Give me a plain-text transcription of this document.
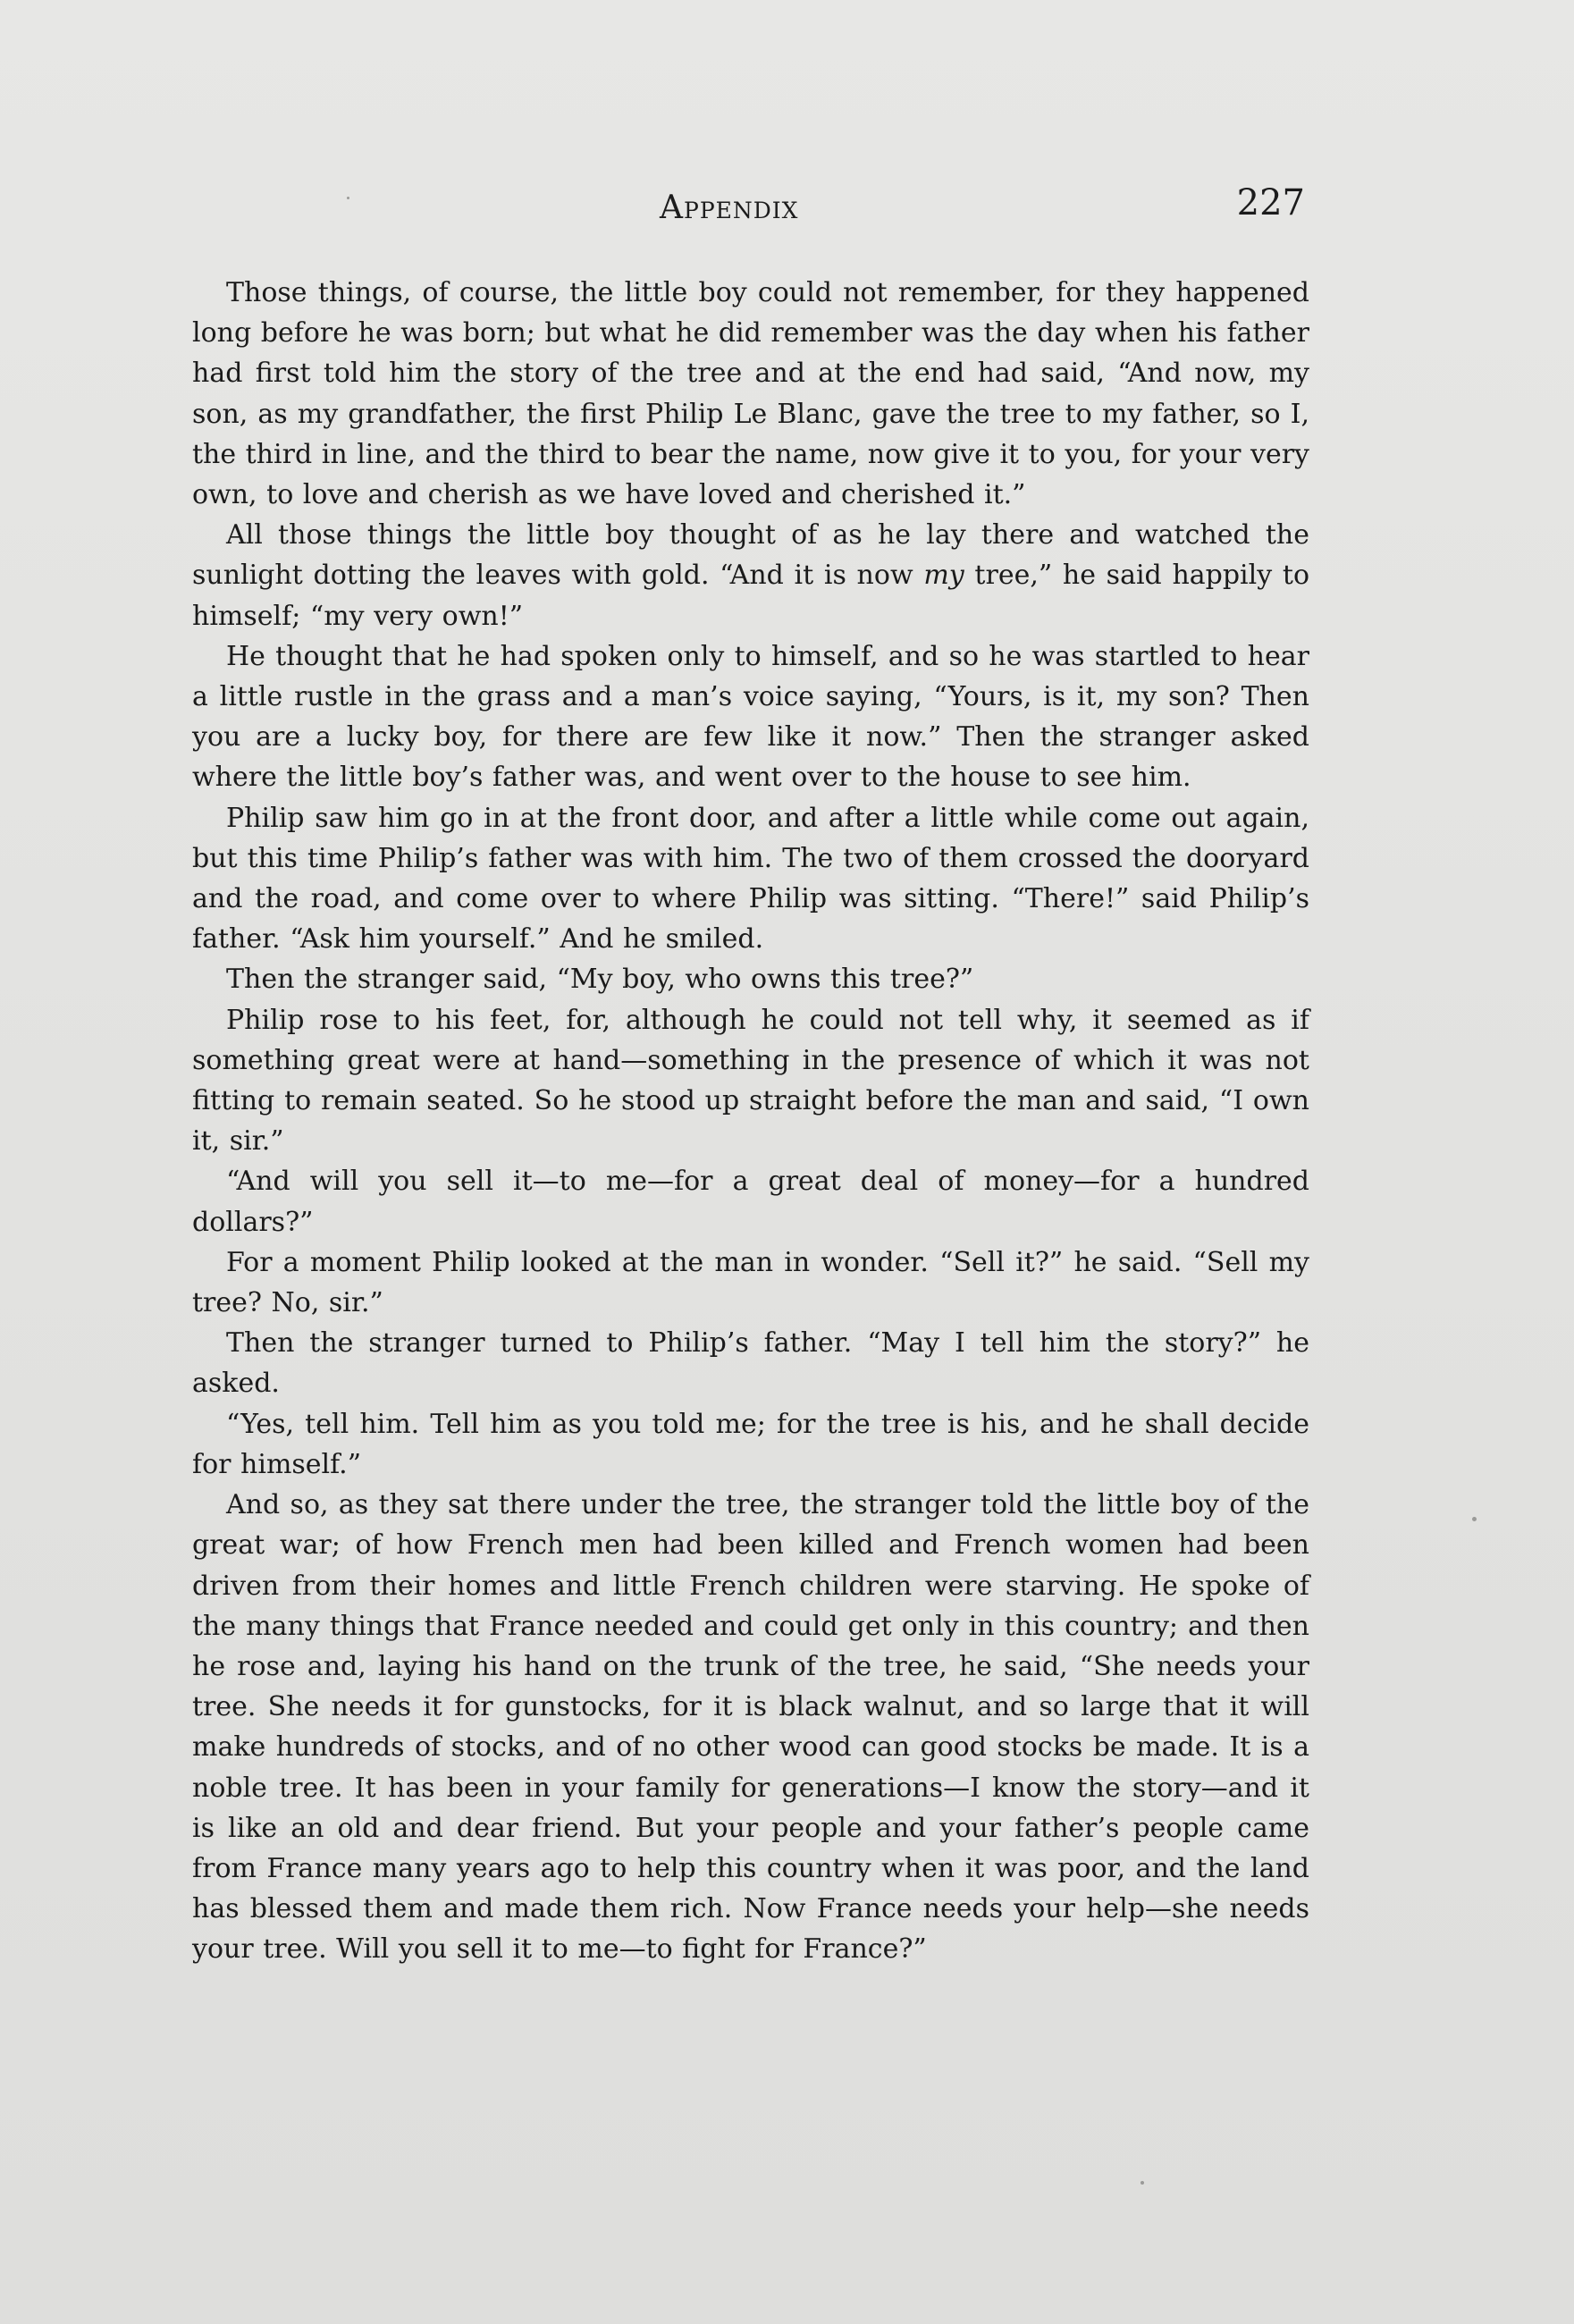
Appendix	227

Those things, of course, the little boy could not remember, for they happened long before he was born; but what he did remember was the day when his father had first told him the story of the tree and at the end had said, “And now, my son, as my grandfather, the first Philip Le Blanc, gave the tree to my father, so I, the third in line, and the third to bear the name, now give it to you, for your very own, to love and cherish as we have loved and cherished it.”

All those things the little boy thought of as he lay there and watched the sunlight dotting the leaves with gold. “And it is now my tree,” he said happily to himself; “my very own!”

He thought that he had spoken only to himself, and so he was startled to hear a little rustle in the grass and a man’s voice saying, “Yours, is it, my son? Then you are a lucky boy, for there are few like it now.” Then the stranger asked where the little boy’s father was, and went over to the house to see him.

Philip saw him go in at the front door, and after a little while come out again, but this time Philip’s father was with him. The two of them crossed the dooryard and the road, and come over to where Philip was sitting. “There!” said Philip’s father. “Ask him yourself.” And he smiled.

Then the stranger said, “My boy, who owns this tree?”

Philip rose to his feet, for, although he could not tell why, it seemed as if something great were at hand—something in the presence of which it was not fitting to remain seated. So he stood up straight before the man and said, “I own it, sir.”

“And will you sell it—to me—for a great deal of money—for a hundred dollars?”

For a moment Philip looked at the man in wonder. “Sell it?” he said. “Sell my tree? No, sir.”

Then the stranger turned to Philip’s father. “May I tell him the story?” he asked.

“Yes, tell him. Tell him as you told me; for the tree is his, and he shall decide for himself.”

And so, as they sat there under the tree, the stranger told the little boy of the great war; of how French men had been killed and French women had been driven from their homes and little French children were starving. He spoke of the many things that France needed and could get only in this country; and then he rose and, laying his hand on the trunk of the tree, he said, “She needs your tree. She needs it for gunstocks, for it is black walnut, and so large that it will make hundreds of stocks, and of no other wood can good stocks be made. It is a noble tree. It has been in your family for generations—I know the story—and it is like an old and dear friend. But your people and your father’s people came from France many years ago to help this country when it was poor, and the land has blessed them and made them rich. Now France needs your help—she needs your tree. Will you sell it to me—to fight for France?”
